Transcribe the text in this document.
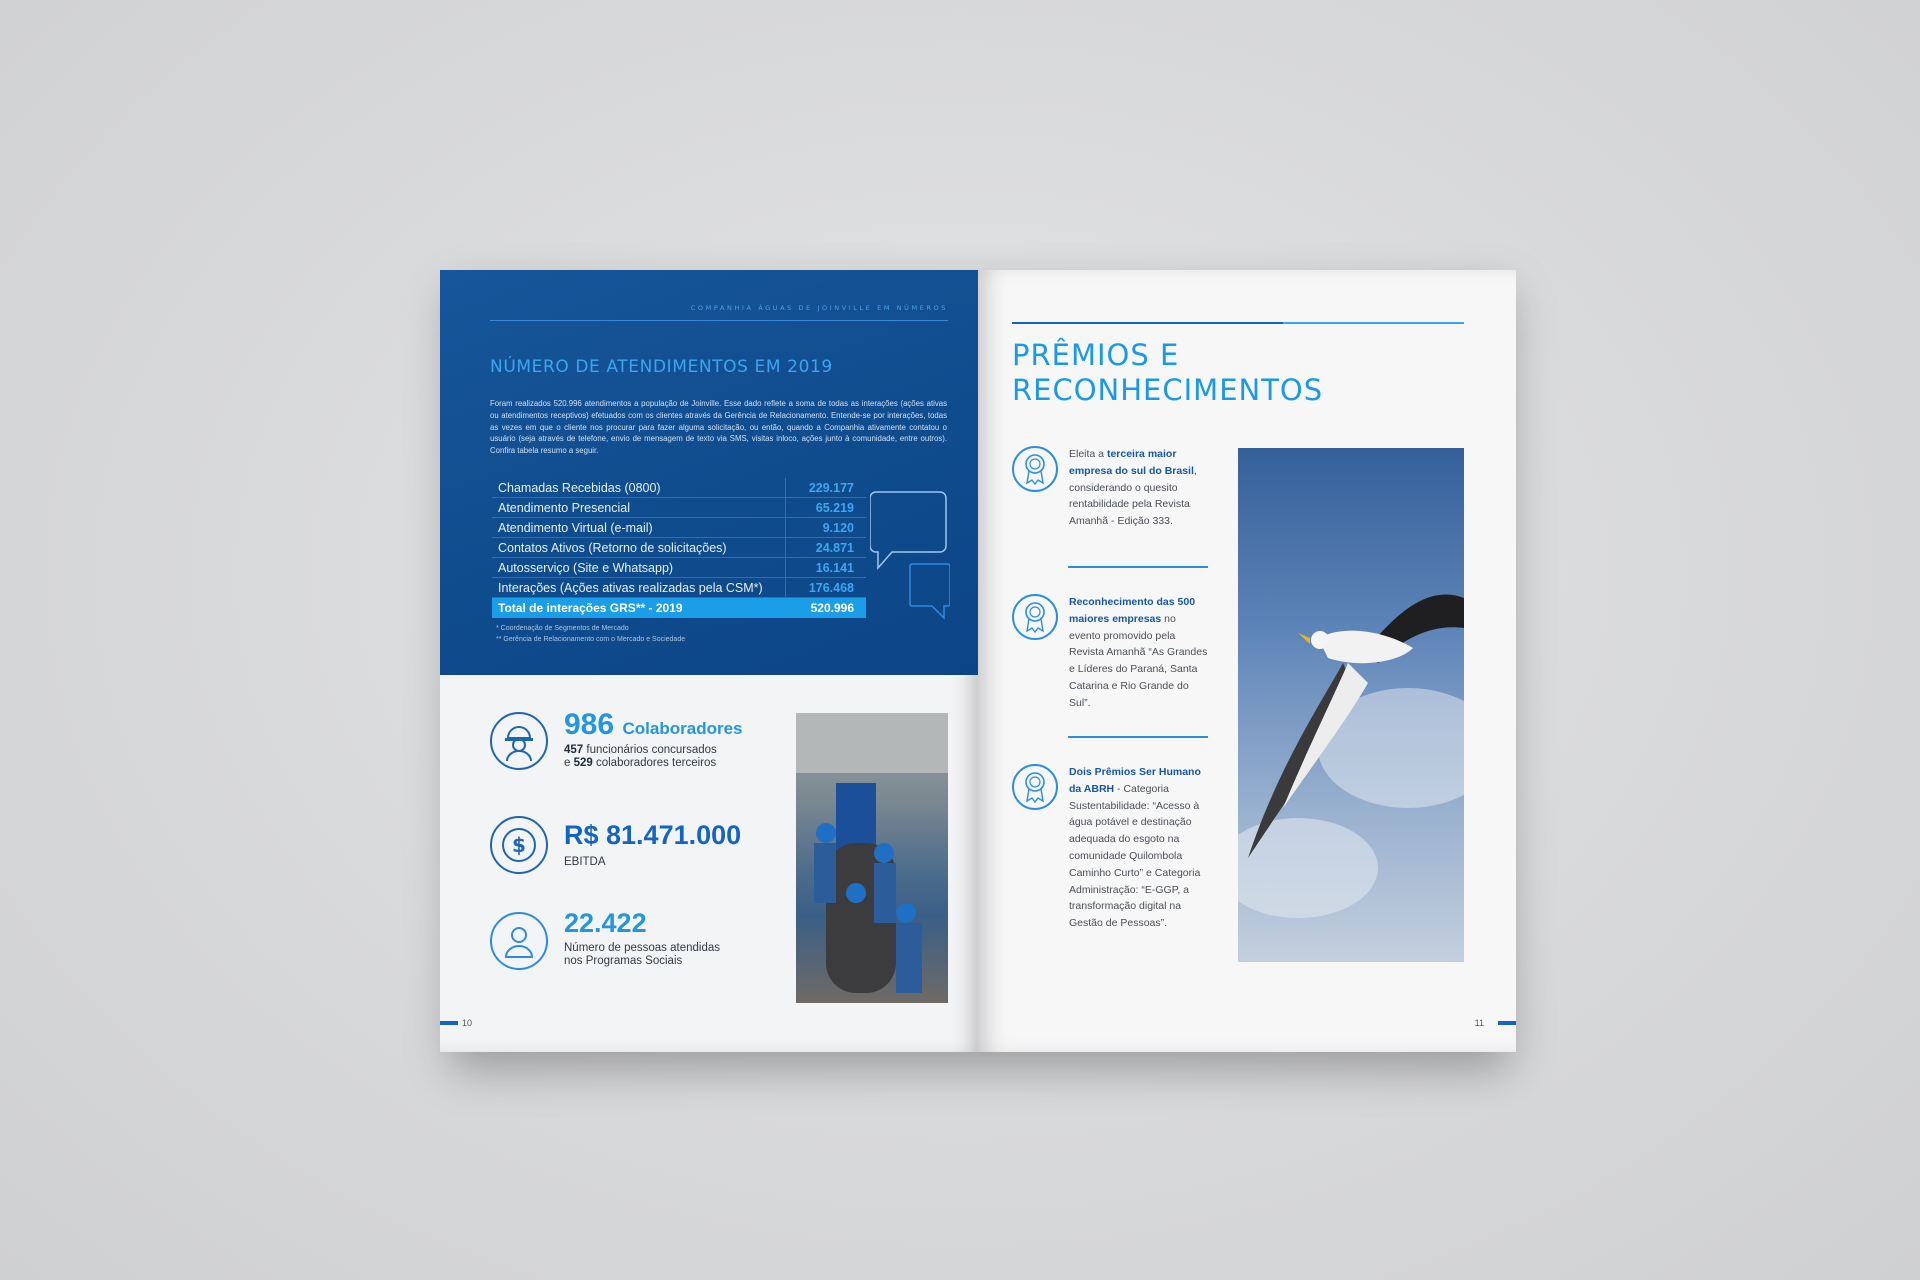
COMPANHIA ÁGUAS DE JOINVILLE EM NÚMEROS
NÚMERO DE ATENDIMENTOS EM 2019
Foram realizados 520.996 atendimentos a população de Joinville. Esse dado reflete a soma de todas as interações (ações ativas ou atendimentos receptivos) efetuados com os clientes através da Gerência de Relacionamento. Entende-se por interações, todas as vezes em que o cliente nos procurar para fazer alguma solicitação, ou então, quando a Companhia ativamente contatou o usuário (seja através de telefone, envio de mensagem de texto via SMS, visitas inloco, ações junto à comunidade, entre outros). Confira tabela resumo a seguir.
Chamadas Recebidas (0800)	229.177
Atendimento Presencial	65.219
Atendimento Virtual (e-mail)	9.120
Contatos Ativos (Retorno de solicitações)	24.871
Autosserviço (Site e Whatsapp)	16.141
Interações (Ações ativas realizadas pela CSM*)	176.468
Total de interações GRS** - 2019	520.996
* Coordenação de Segmentos de Mercado
** Gerência de Relacionamento com o Mercado e Sociedade
986 Colaboradores
457 funcionários concursados
e 529 colaboradores terceiros
$ R$ 81.471.000
EBITDA
22.422
Número de pessoas atendidas
nos Programas Sociais
10
PRÊMIOS E
RECONHECIMENTOS
Eleita a terceira maior empresa do sul do Brasil, considerando o quesito rentabilidade pela Revista Amanhã - Edição 333.
Reconhecimento das 500 maiores empresas no evento promovido pela Revista Amanhã “As Grandes e Líderes do Paraná, Santa Catarina e Rio Grande do Sul”.
Dois Prêmios Ser Humano da ABRH - Categoria Sustentabilidade: “Acesso à água potável e destinação adequada do esgoto na comunidade Quilombola Caminho Curto” e Categoria Administração: “E-GGP, a transformação digital na Gestão de Pessoas”.
11
